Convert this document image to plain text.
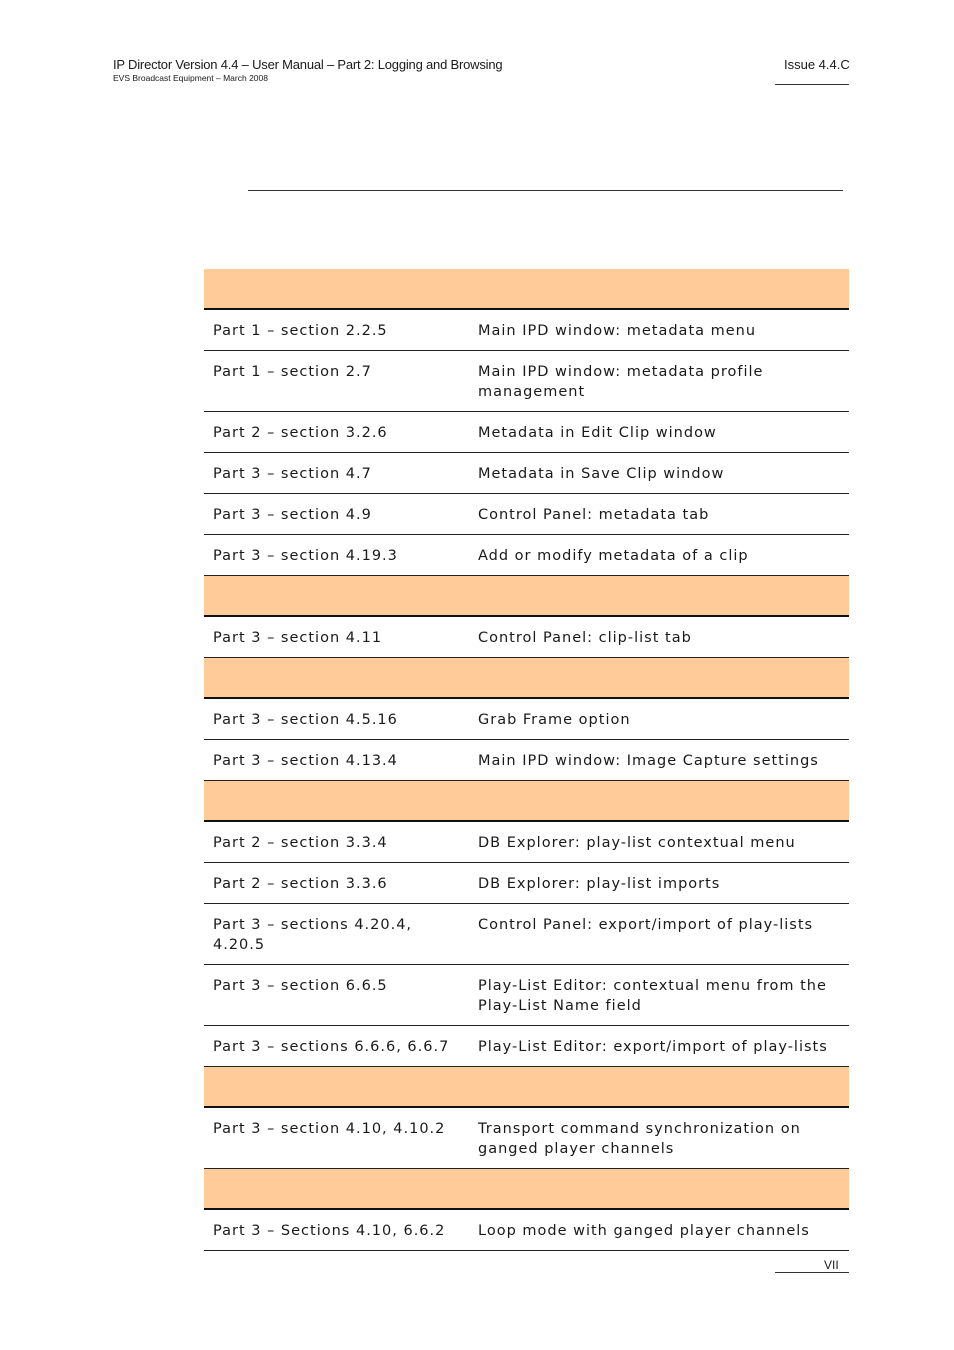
IP Director Version 4.4 – User Manual – Part 2: Logging and Browsing
EVS Broadcast Equipment – March 2008
Issue 4.4.C

Part 1 – section 2.2.5	Main IPD window: metadata menu
Part 1 – section 2.7	Main IPD window: metadata profile management
Part 2 – section 3.2.6	Metadata in Edit Clip window
Part 3 – section 4.7	Metadata in Save Clip window
Part 3 – section 4.9	Control Panel: metadata tab
Part 3 – section 4.19.3	Add or modify metadata of a clip

Part 3 – section 4.11	Control Panel: clip-list tab

Part 3 – section 4.5.16	Grab Frame option
Part 3 – section 4.13.4	Main IPD window: Image Capture settings

Part 2 – section 3.3.4	DB Explorer: play-list contextual menu
Part 2 – section 3.3.6	DB Explorer: play-list imports
Part 3 – sections 4.20.4, 4.20.5	Control Panel: export/import of play-lists
Part 3 – section 6.6.5	Play-List Editor: contextual menu from the Play-List Name field
Part 3 – sections 6.6.6, 6.6.7	Play-List Editor: export/import of play-lists

Part 3 – section 4.10, 4.10.2	Transport command synchronization on ganged player channels

Part 3 – Sections 4.10, 6.6.2	Loop mode with ganged player channels
VII
